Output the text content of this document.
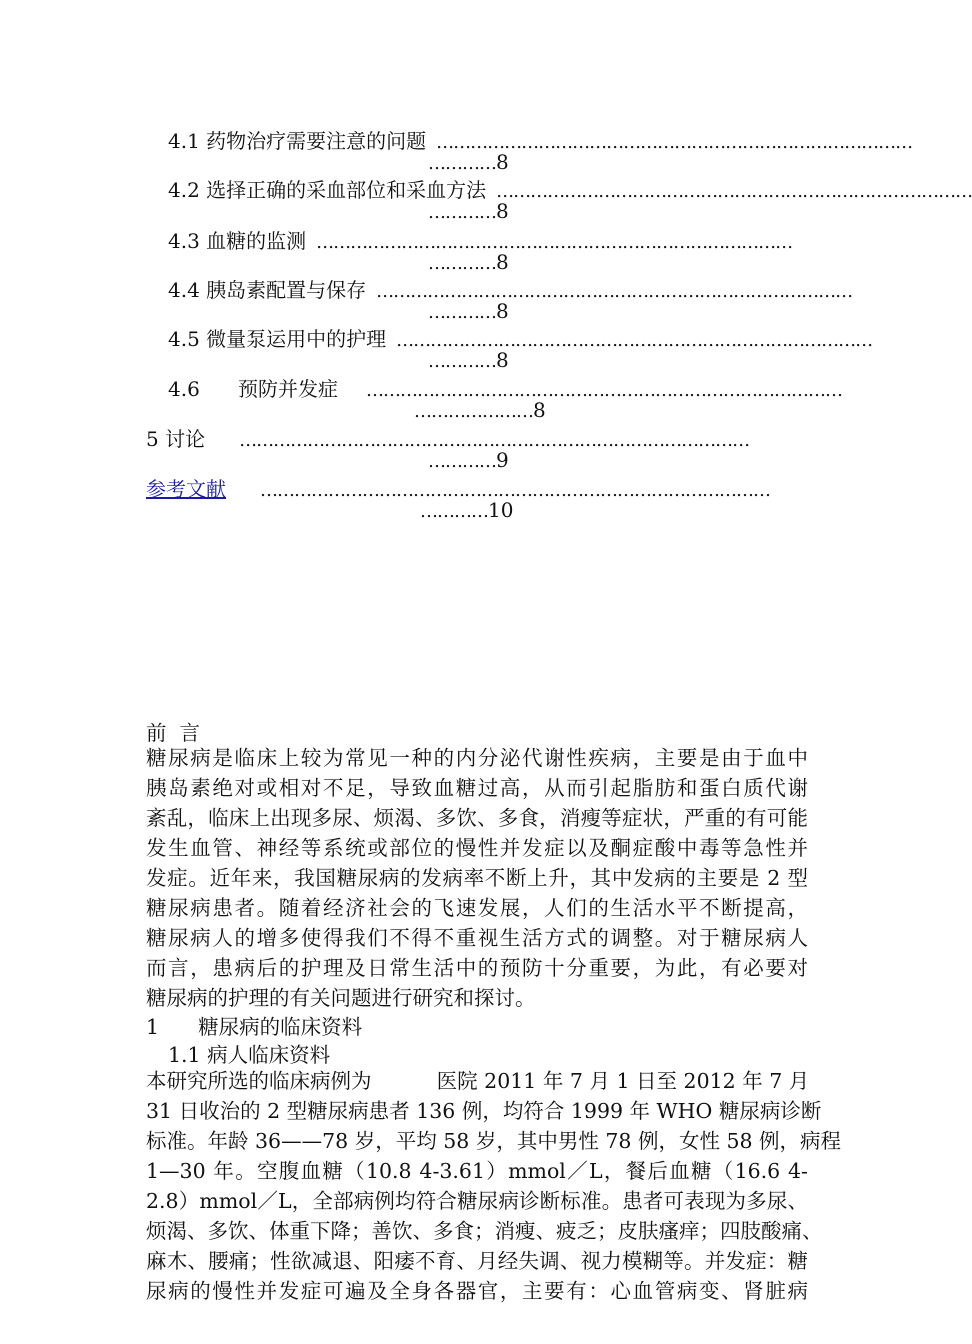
4.1 药物治疗需要注意的问题 …………………………………………………………………………
…………8
4.2 选择正确的采血部位和采血方法 …………………………………………………………………………
…………8
4.3 血糖的监测 …………………………………………………………………………
…………8
4.4 胰岛素配置与保存 …………………………………………………………………………
…………8
4.5 微量泵运用中的护理 …………………………………………………………………………
…………8
4.6      预防并发症	…………………………………………………………………………
…………………8
5 讨论	………………………………………………………………………………
…………9
参考文献 ………………………………………………………………………………
…………10
前  言
糖尿病是临床上较为常见一种的内分泌代谢性疾病，主要是由于血中
胰岛素绝对或相对不足，导致血糖过高，从而引起脂肪和蛋白质代谢
紊乱，临床上出现多尿、烦渴、多饮、多食，消瘦等症状，严重的有可能
发生血管、神经等系统或部位的慢性并发症以及酮症酸中毒等急性并
发症。近年来，我国糖尿病的发病率不断上升，其中发病的主要是 2 型
糖尿病患者。随着经济社会的飞速发展，人们的生活水平不断提高，
糖尿病人的增多使得我们不得不重视生活方式的调整。对于糖尿病人
而言，患病后的护理及日常生活中的预防十分重要，为此，有必要对
糖尿病的护理的有关问题进行研究和探讨。
1      糖尿病的临床资料
1.1 病人临床资料
本研究所选的临床病例为          医院 2011 年 7 月 1 日至 2012 年 7 月
31 日收治的 2 型糖尿病患者 136 例，均符合 1999 年 WHO 糖尿病诊断
标准。年龄 36——78 岁，平均 58 岁，其中男性 78 例，女性 58 例，病程
1—30 年。空腹血糖（10.8 4-3.61）mmol／L，餐后血糖（16.6 4-
2.8）mmol／L，全部病例均符合糖尿病诊断标准。患者可表现为多尿、
烦渴、多饮、体重下降；善饮、多食；消瘦、疲乏；皮肤瘙痒；四肢酸痛、
麻木、腰痛；性欲减退、阳痿不育、月经失调、视力模糊等。并发症：糖
尿病的慢性并发症可遍及全身各器官，主要有：心血管病变、肾脏病
